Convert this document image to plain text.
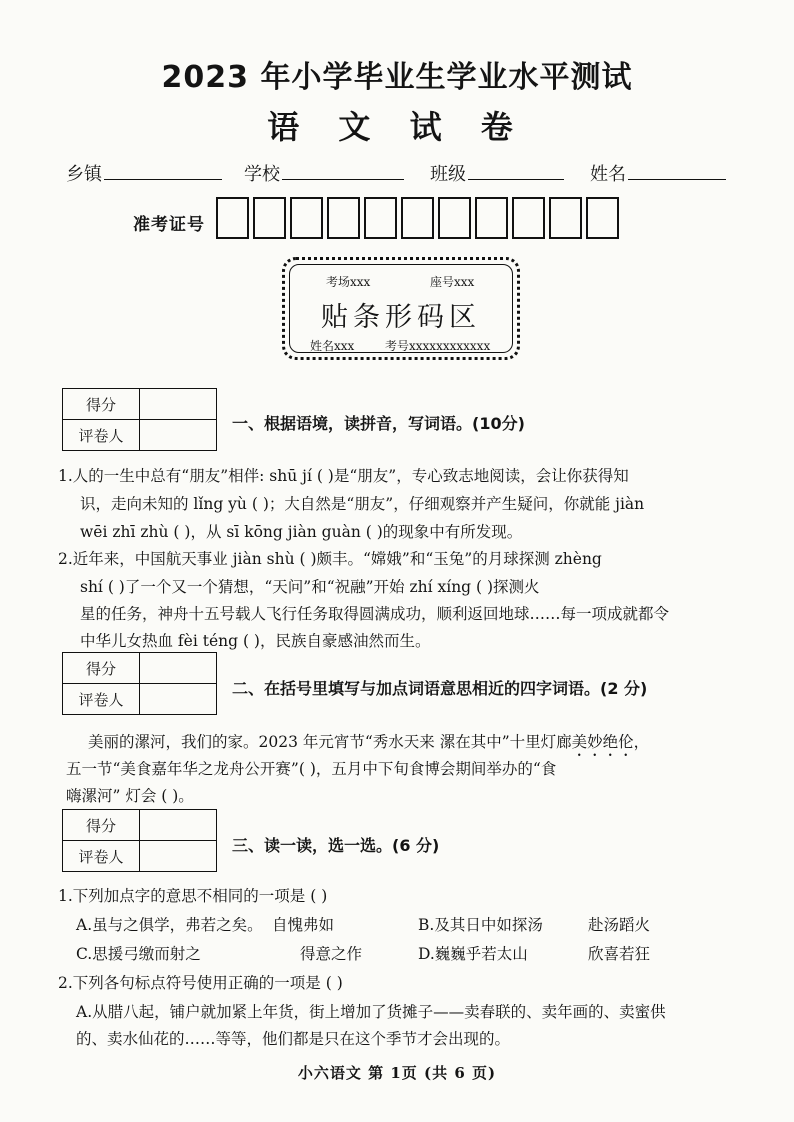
2023 年小学毕业生学业水平测试
语 文 试 卷
乡镇	学校	班级	姓名
准考证号
考场xxx	座号xxx
贴条形码区
姓名xxx	考号xxxxxxxxxxxx
得分	
评卷人	
一、根据语境，读拼音，写词语。(10分)
1.人的一生中总有“朋友”相伴: shū jí ( )是“朋友”，专心致志地阅读，会让你获得知
识，走向未知的 lǐng yù ( )；大自然是“朋友”，仔细观察并产生疑问，你就能 jiàn
wēi zhī zhù ( )，从 sī kōng jiàn guàn ( )的现象中有所发现。
2.近年来，中国航天事业 jiàn shù ( )颇丰。“嫦娥”和“玉兔”的月球探测 zhèng
shí ( )了一个又一个猜想，“天问”和“祝融”开始 zhí xíng ( )探测火
星的任务，神舟十五号载人飞行任务取得圆满成功，顺利返回地球……每一项成就都令
中华儿女热血 fèi téng ( )，民族自豪感油然而生。
得分	
评卷人	
二、在括号里填写与加点词语意思相近的四字词语。(2 分)
美丽的漯河，我们的家。2023 年元宵节“秀水天来 漯在其中”十里灯廊美妙绝伦，
五一节“美食嘉年华之龙舟公开赛”( )，五月中下旬食博会期间举办的“食
嗨漯河” 灯会 ( )。
得分	
评卷人	
三、读一读，选一选。(6 分)
1.下列加点字的意思不相同的一项是 ( )
A.虽与之俱学，弗若之矣。 自愧弗如	B.及其日中如探汤	赴汤蹈火
C.思援弓缴而射之	得意之作	D.巍巍乎若太山	欣喜若狂
2.下列各句标点符号使用正确的一项是 ( )
A.从腊八起，铺户就加紧上年货，街上增加了货摊子——卖春联的、卖年画的、卖蜜供
的、卖水仙花的……等等，他们都是只在这个季节才会出现的。
小六语文 第 1页 (共 6 页)
